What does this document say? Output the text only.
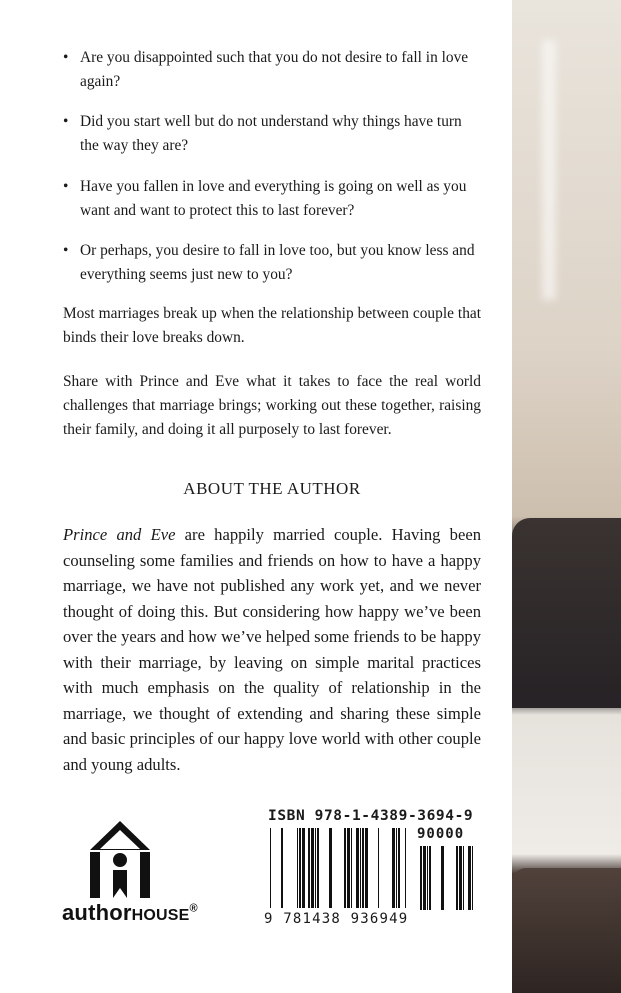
• Are you disappointed such that you do not desire to fall in love again?
• Did you start well but do not understand why things have turn the way they are?
• Have you fallen in love and everything is going on well as you want and want to protect this to last forever?
• Or perhaps, you desire to fall in love too, but you know less and everything seems just new to you?

Most marriages break up when the relationship between couple that binds their love breaks down.

Share with Prince and Eve what it takes to face the real world challenges that marriage brings; working out these together, raising their family, and doing it all purposely to last forever.

ABOUT THE AUTHOR

Prince and Eve are happily married couple. Having been counseling some families and friends on how to have a happy marriage, we have not published any work yet, and we never thought of doing this. But considering how happy we’ve been over the years and how we’ve helped some friends to be happy with their marriage, by leaving on simple marital practices with much emphasis on the quality of relationship in the marriage, we thought of extending and sharing these simple and basic principles of our happy love world with other couple and young adults.

authorHOUSE®

ISBN 978-1-4389-3694-9

90000

9 781438 936949
